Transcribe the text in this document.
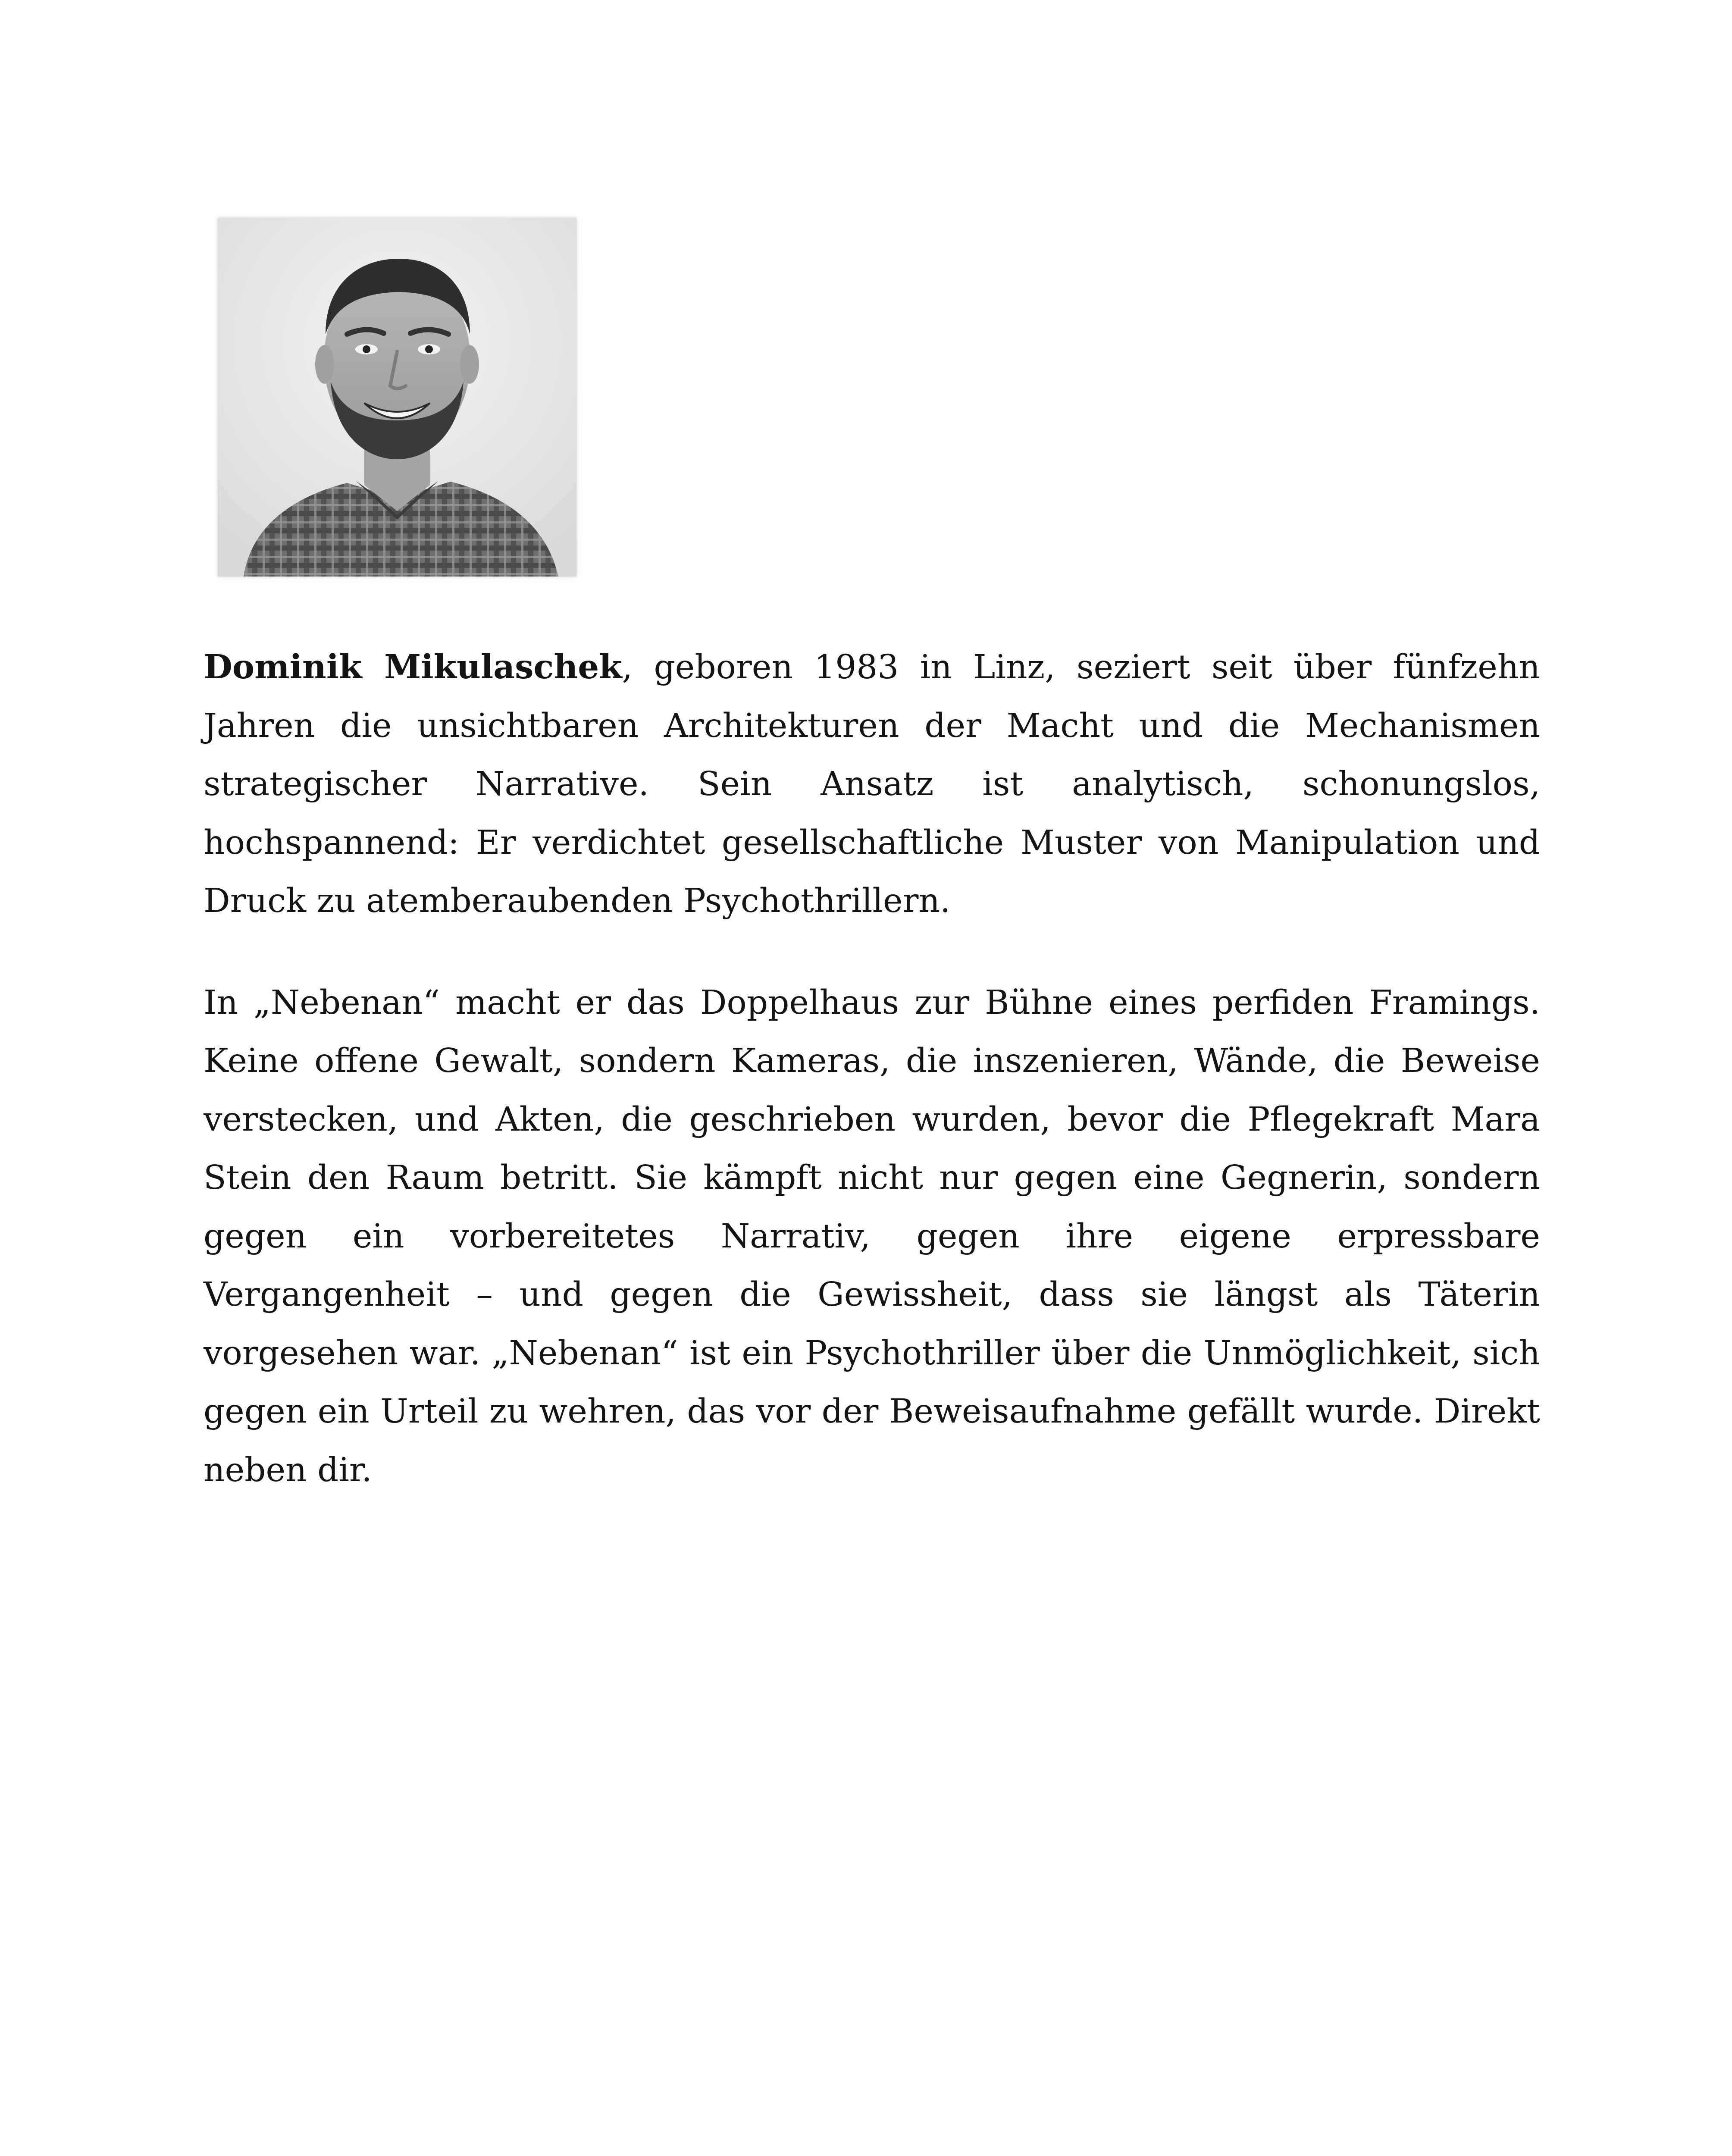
Dominik Mikulaschek, geboren 1983 in Linz, seziert seit über fünfzehn Jahren die unsichtbaren Architekturen der Macht und die Mechanismen strategischer Narrative. Sein Ansatz ist analytisch, schonungslos, hochspannend: Er verdichtet gesellschaftliche Muster von Manipulation und Druck zu atemberaubenden Psychothrillern.

In „Nebenan“ macht er das Doppelhaus zur Bühne eines perfiden Framings. Keine offene Gewalt, sondern Kameras, die inszenieren, Wände, die Beweise verstecken, und Akten, die geschrieben wurden, bevor die Pflegekraft Mara Stein den Raum betritt. Sie kämpft nicht nur gegen eine Gegnerin, sondern gegen ein vorbereitetes Narrativ, gegen ihre eigene erpressbare Vergangenheit – und gegen die Gewissheit, dass sie längst als Täterin vorgesehen war. „Nebenan“ ist ein Psychothriller über die Unmöglichkeit, sich gegen ein Urteil zu wehren, das vor der Beweisaufnahme gefällt wurde. Direkt neben dir.
